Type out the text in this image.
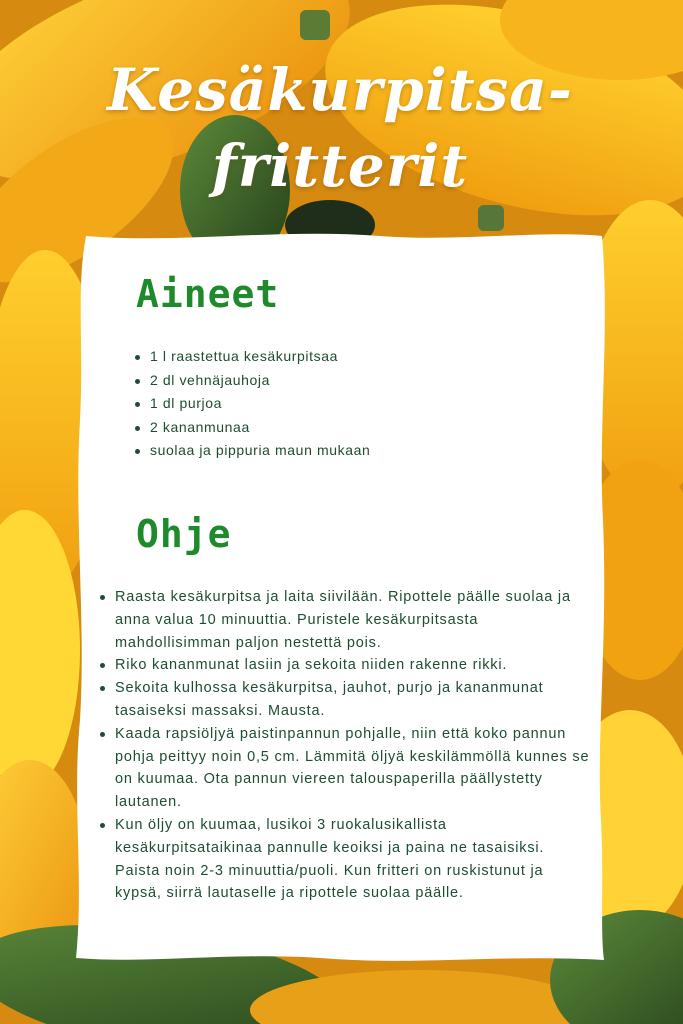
Kesäkurpitsa-
fritterit
Aineet
1 l raastettua kesäkurpitsaa
2 dl vehnäjauhoja
1 dl purjoa
2 kananmunaa
suolaa ja pippuria maun mukaan
Ohje
Raasta kesäkurpitsa ja laita siivilään. Ripottele päälle suolaa ja anna valua 10 minuuttia. Puristele kesäkurpitsasta mahdollisimman paljon nestettä pois.
Riko kananmunat lasiin ja sekoita niiden rakenne rikki.
Sekoita kulhossa kesäkurpitsa, jauhot, purjo ja kananmunat tasaiseksi massaksi. Mausta.
Kaada rapsiöljyä paistinpannun pohjalle, niin että koko pannun pohja peittyy noin 0,5 cm. Lämmitä öljyä keskilämmöllä kunnes se on kuumaa. Ota pannun viereen talouspaperilla päällystetty lautanen.
Kun öljy on kuumaa, lusikoi 3 ruokalusikallista kesäkurpitsataikinaa pannulle keoiksi ja paina ne tasaisiksi. Paista noin 2-3 minuuttia/puoli. Kun fritteri on ruskistunut ja kypsä, siirrä lautaselle ja ripottele suolaa päälle.
